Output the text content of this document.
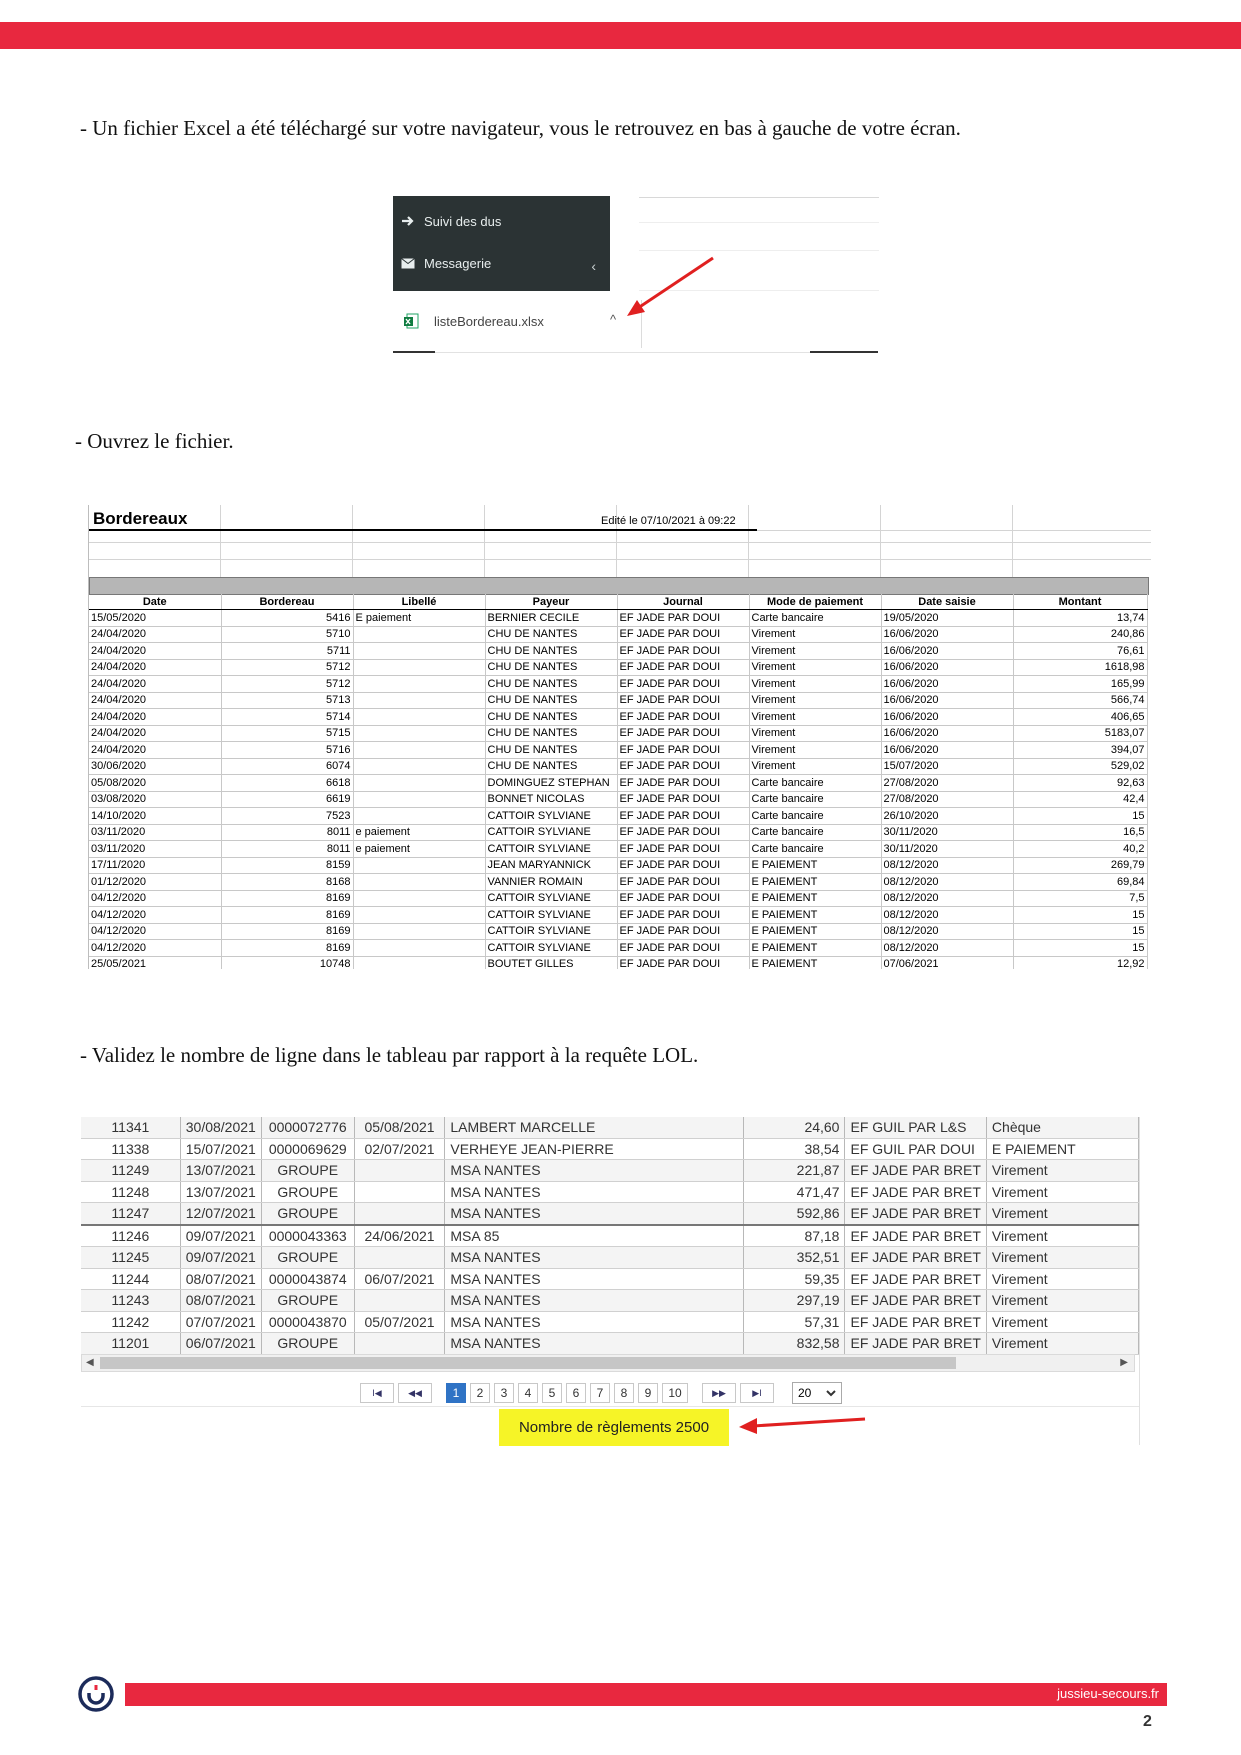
- Un fichier Excel a été téléchargé sur votre navigateur, vous le retrouvez en bas à gauche de votre écran.
Suivi des dus
Messagerie	‹
listeBordereau.xlsx	^
- Ouvrez le fichier.
Bordereaux	Edité le 07/10/2021 à 09:22
Date	Bordereau	Libellé	Payeur	Journal	Mode de paiement	Date saisie	Montant
15/05/2020	5416	E paiement	BERNIER CECILE	EF JADE PAR DOUI	Carte bancaire	19/05/2020	13,74
24/04/2020	5710		CHU DE NANTES	EF JADE PAR DOUI	Virement	16/06/2020	240,86
24/04/2020	5711		CHU DE NANTES	EF JADE PAR DOUI	Virement	16/06/2020	76,61
24/04/2020	5712		CHU DE NANTES	EF JADE PAR DOUI	Virement	16/06/2020	1618,98
24/04/2020	5712		CHU DE NANTES	EF JADE PAR DOUI	Virement	16/06/2020	165,99
24/04/2020	5713		CHU DE NANTES	EF JADE PAR DOUI	Virement	16/06/2020	566,74
24/04/2020	5714		CHU DE NANTES	EF JADE PAR DOUI	Virement	16/06/2020	406,65
24/04/2020	5715		CHU DE NANTES	EF JADE PAR DOUI	Virement	16/06/2020	5183,07
24/04/2020	5716		CHU DE NANTES	EF JADE PAR DOUI	Virement	16/06/2020	394,07
30/06/2020	6074		CHU DE NANTES	EF JADE PAR DOUI	Virement	15/07/2020	529,02
05/08/2020	6618		DOMINGUEZ STEPHAN	EF JADE PAR DOUI	Carte bancaire	27/08/2020	92,63
03/08/2020	6619		BONNET NICOLAS	EF JADE PAR DOUI	Carte bancaire	27/08/2020	42,4
14/10/2020	7523		CATTOIR SYLVIANE	EF JADE PAR DOUI	Carte bancaire	26/10/2020	15
03/11/2020	8011	e paiement	CATTOIR SYLVIANE	EF JADE PAR DOUI	Carte bancaire	30/11/2020	16,5
03/11/2020	8011	e paiement	CATTOIR SYLVIANE	EF JADE PAR DOUI	Carte bancaire	30/11/2020	40,2
17/11/2020	8159		JEAN MARYANNICK	EF JADE PAR DOUI	E PAIEMENT	08/12/2020	269,79
01/12/2020	8168		VANNIER ROMAIN	EF JADE PAR DOUI	E PAIEMENT	08/12/2020	69,84
04/12/2020	8169		CATTOIR SYLVIANE	EF JADE PAR DOUI	E PAIEMENT	08/12/2020	7,5
04/12/2020	8169		CATTOIR SYLVIANE	EF JADE PAR DOUI	E PAIEMENT	08/12/2020	15
04/12/2020	8169		CATTOIR SYLVIANE	EF JADE PAR DOUI	E PAIEMENT	08/12/2020	15
04/12/2020	8169		CATTOIR SYLVIANE	EF JADE PAR DOUI	E PAIEMENT	08/12/2020	15
25/05/2021	10748		BOUTET GILLES	EF JADE PAR DOUI	E PAIEMENT	07/06/2021	12,92
- Validez le nombre de ligne dans le tableau par rapport à la requête LOL.
11341	30/08/2021	0000072776	05/08/2021	LAMBERT MARCELLE	24,60	EF GUIL PAR L&S	Chèque
11338	15/07/2021	0000069629	02/07/2021	VERHEYE JEAN-PIERRE	38,54	EF GUIL PAR DOUI	E PAIEMENT
11249	13/07/2021	GROUPE		MSA NANTES	221,87	EF JADE PAR BRET	Virement
11248	13/07/2021	GROUPE		MSA NANTES	471,47	EF JADE PAR BRET	Virement
11247	12/07/2021	GROUPE		MSA NANTES	592,86	EF JADE PAR BRET	Virement
11246	09/07/2021	0000043363	24/06/2021	MSA 85	87,18	EF JADE PAR BRET	Virement
11245	09/07/2021	GROUPE		MSA NANTES	352,51	EF JADE PAR BRET	Virement
11244	08/07/2021	0000043874	06/07/2021	MSA NANTES	59,35	EF JADE PAR BRET	Virement
11243	08/07/2021	GROUPE		MSA NANTES	297,19	EF JADE PAR BRET	Virement
11242	07/07/2021	0000043870	05/07/2021	MSA NANTES	57,31	EF JADE PAR BRET	Virement
11201	06/07/2021	GROUPE		MSA NANTES	832,58	EF JADE PAR BRET	Virement
◀	▶
I◀	◀◀	1	2	3	4	5	6	7	8	9	10	▶▶	▶I	20
Nombre de règlements 2500
jussieu-secours.fr
2
